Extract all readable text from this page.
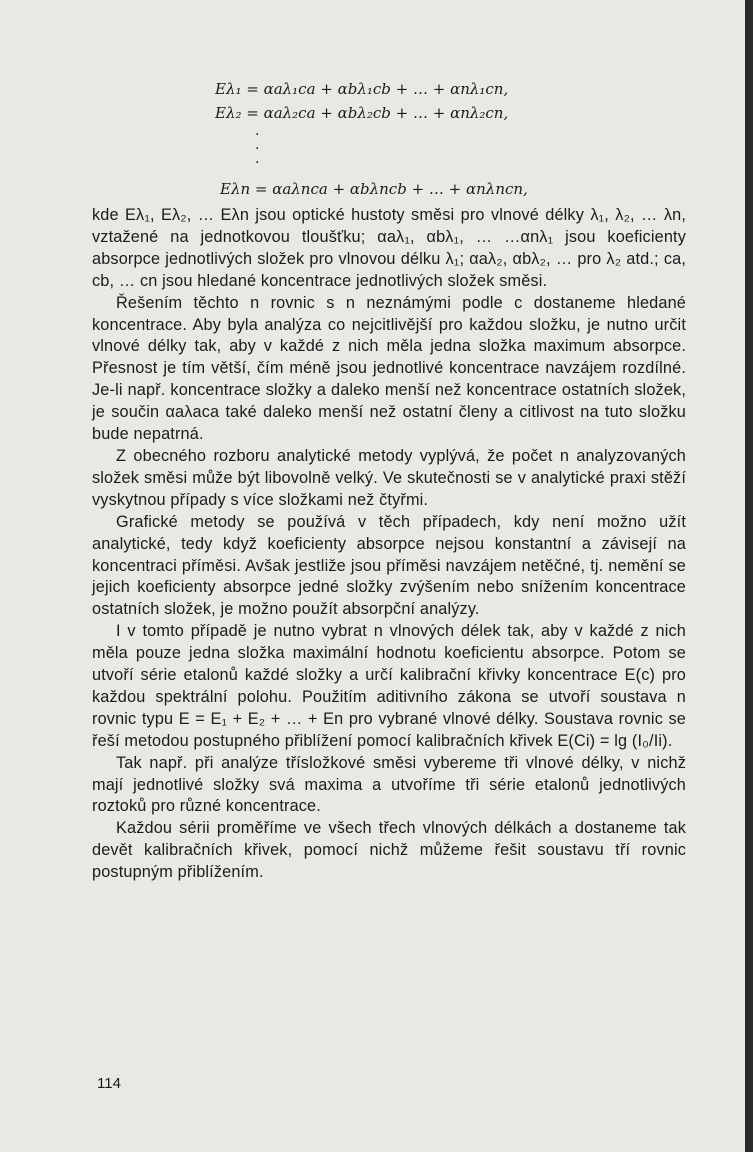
Eλ₁ = αaλ₁ca + αbλ₁cb + … + αnλ₁cn,
Eλ₂ = αaλ₂ca + αbλ₂cb + … + αnλ₂cn,
·
·
·
Eλn = αaλnca + αbλncb + … + αnλncn,

kde Eλ₁, Eλ₂, … Eλn jsou optické hustoty směsi pro vlnové délky λ₁, λ₂, … λn, vztažené na jednotkovou tloušťku; αaλ₁, αbλ₁, … …αnλ₁ jsou koeficienty absorpce jednotlivých složek pro vlnovou délku λ₁; αaλ₂, αbλ₂, … pro λ₂ atd.; ca, cb, … cn jsou hledané koncentrace jednotlivých složek směsi.

Řešením těchto n rovnic s n neznámými podle c dostaneme hledané koncentrace. Aby byla analýza co nejcitlivější pro každou složku, je nutno určit vlnové délky tak, aby v každé z nich měla jedna složka maximum absorpce. Přesnost je tím větší, čím méně jsou jednotlivé koncentrace navzájem rozdílné. Je-li např. koncentrace složky a daleko menší než koncentrace ostatních složek, je součin αaλaca také daleko menší než ostatní členy a citlivost na tuto složku bude nepatrná.

Z obecného rozboru analytické metody vyplývá, že počet n analyzovaných složek směsi může být libovolně velký. Ve skutečnosti se v analytické praxi stěží vyskytnou případy s více složkami než čtyřmi.

Grafické metody se používá v těch případech, kdy není možno užít analytické, tedy když koeficienty absorpce nejsou konstantní a závisejí na koncentraci příměsi. Avšak jestliže jsou příměsi navzájem netěčné, tj. nemění se jejich koeficienty absorpce jedné složky zvýšením nebo snížením koncentrace ostatních složek, je možno použít absorpční analýzy.

I v tomto případě je nutno vybrat n vlnových délek tak, aby v každé z nich měla pouze jedna složka maximální hodnotu koeficientu absorpce. Potom se utvoří série etalonů každé složky a určí kalibrační křivky koncentrace E(c) pro každou spektrální polohu. Použitím aditivního zákona se utvoří soustava n rovnic typu E = E₁ + E₂ + … + En pro vybrané vlnové délky. Soustava rovnic se řeší metodou postupného přiblížení pomocí kalibračních křivek E(Ci) = lg (I₀/Ii).

Tak např. při analýze třísložkové směsi vybereme tři vlnové délky, v nichž mají jednotlivé složky svá maxima a utvoříme tři série etalonů jednotlivých roztoků pro různé koncentrace.

Každou sérii proměříme ve všech třech vlnových délkách a dostaneme tak devět kalibračních křivek, pomocí nichž můžeme řešit soustavu tří rovnic postupným přiblížením.

114
